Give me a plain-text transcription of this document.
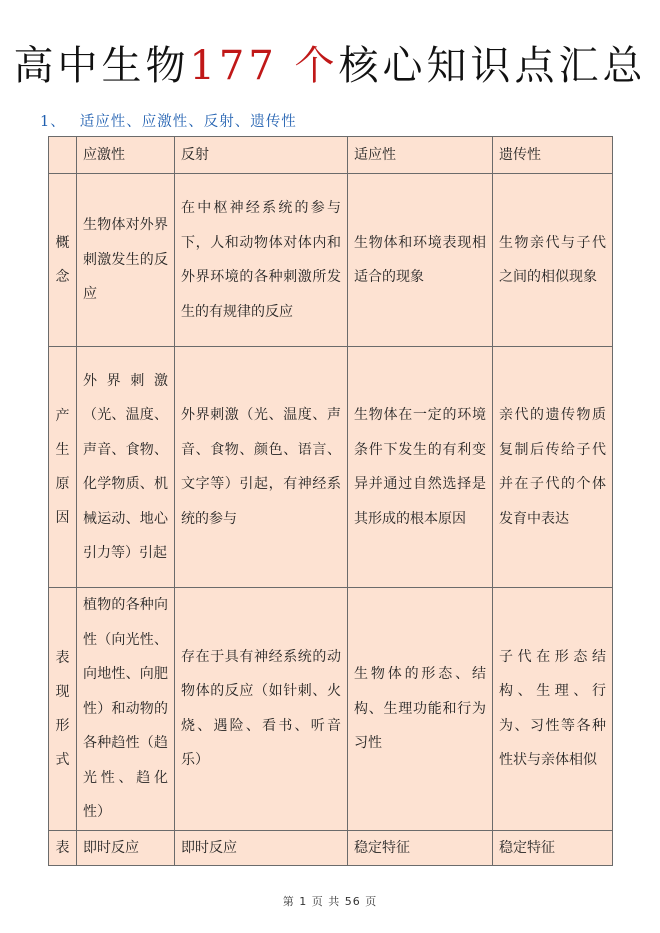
高中生物177 个核心知识点汇总
1、 适应性、应激性、反射、遗传性
	应激性	反射	适应性	遗传性

概
念	生物体对外界刺激发生的反应	在中枢神经系统的参与下，人和动物体对体内和外界环境的各种刺激所发生的有规律的反应	生物体和环境表现相适合的现象	生物亲代与子代之间的相似现象

产
生
原
因	外界刺激（光、温度、声音、食物、化学物质、机械运动、地心引力等）引起	外界刺激（光、温度、声音、食物、颜色、语言、文字等）引起，有神经系统的参与	生物体在一定的环境条件下发生的有利变异并通过自然选择是其形成的根本原因	亲代的遗传物质复制后传给子代并在子代的个体发育中表达

表
现
形
式	植物的各种向性（向光性、向地性、向肥性）和动物的各种趋性（趋光性、趋化性）	存在于具有神经系统的动物体的反应（如针刺、火烧、遇险、看书、听音乐）	生物体的形态、结构、生理功能和行为习性	子代在形态结构、生理、行为、习性等各种性状与亲体相似

表	即时反应	即时反应	稳定特征	稳定特征
第 1 页 共 56 页
